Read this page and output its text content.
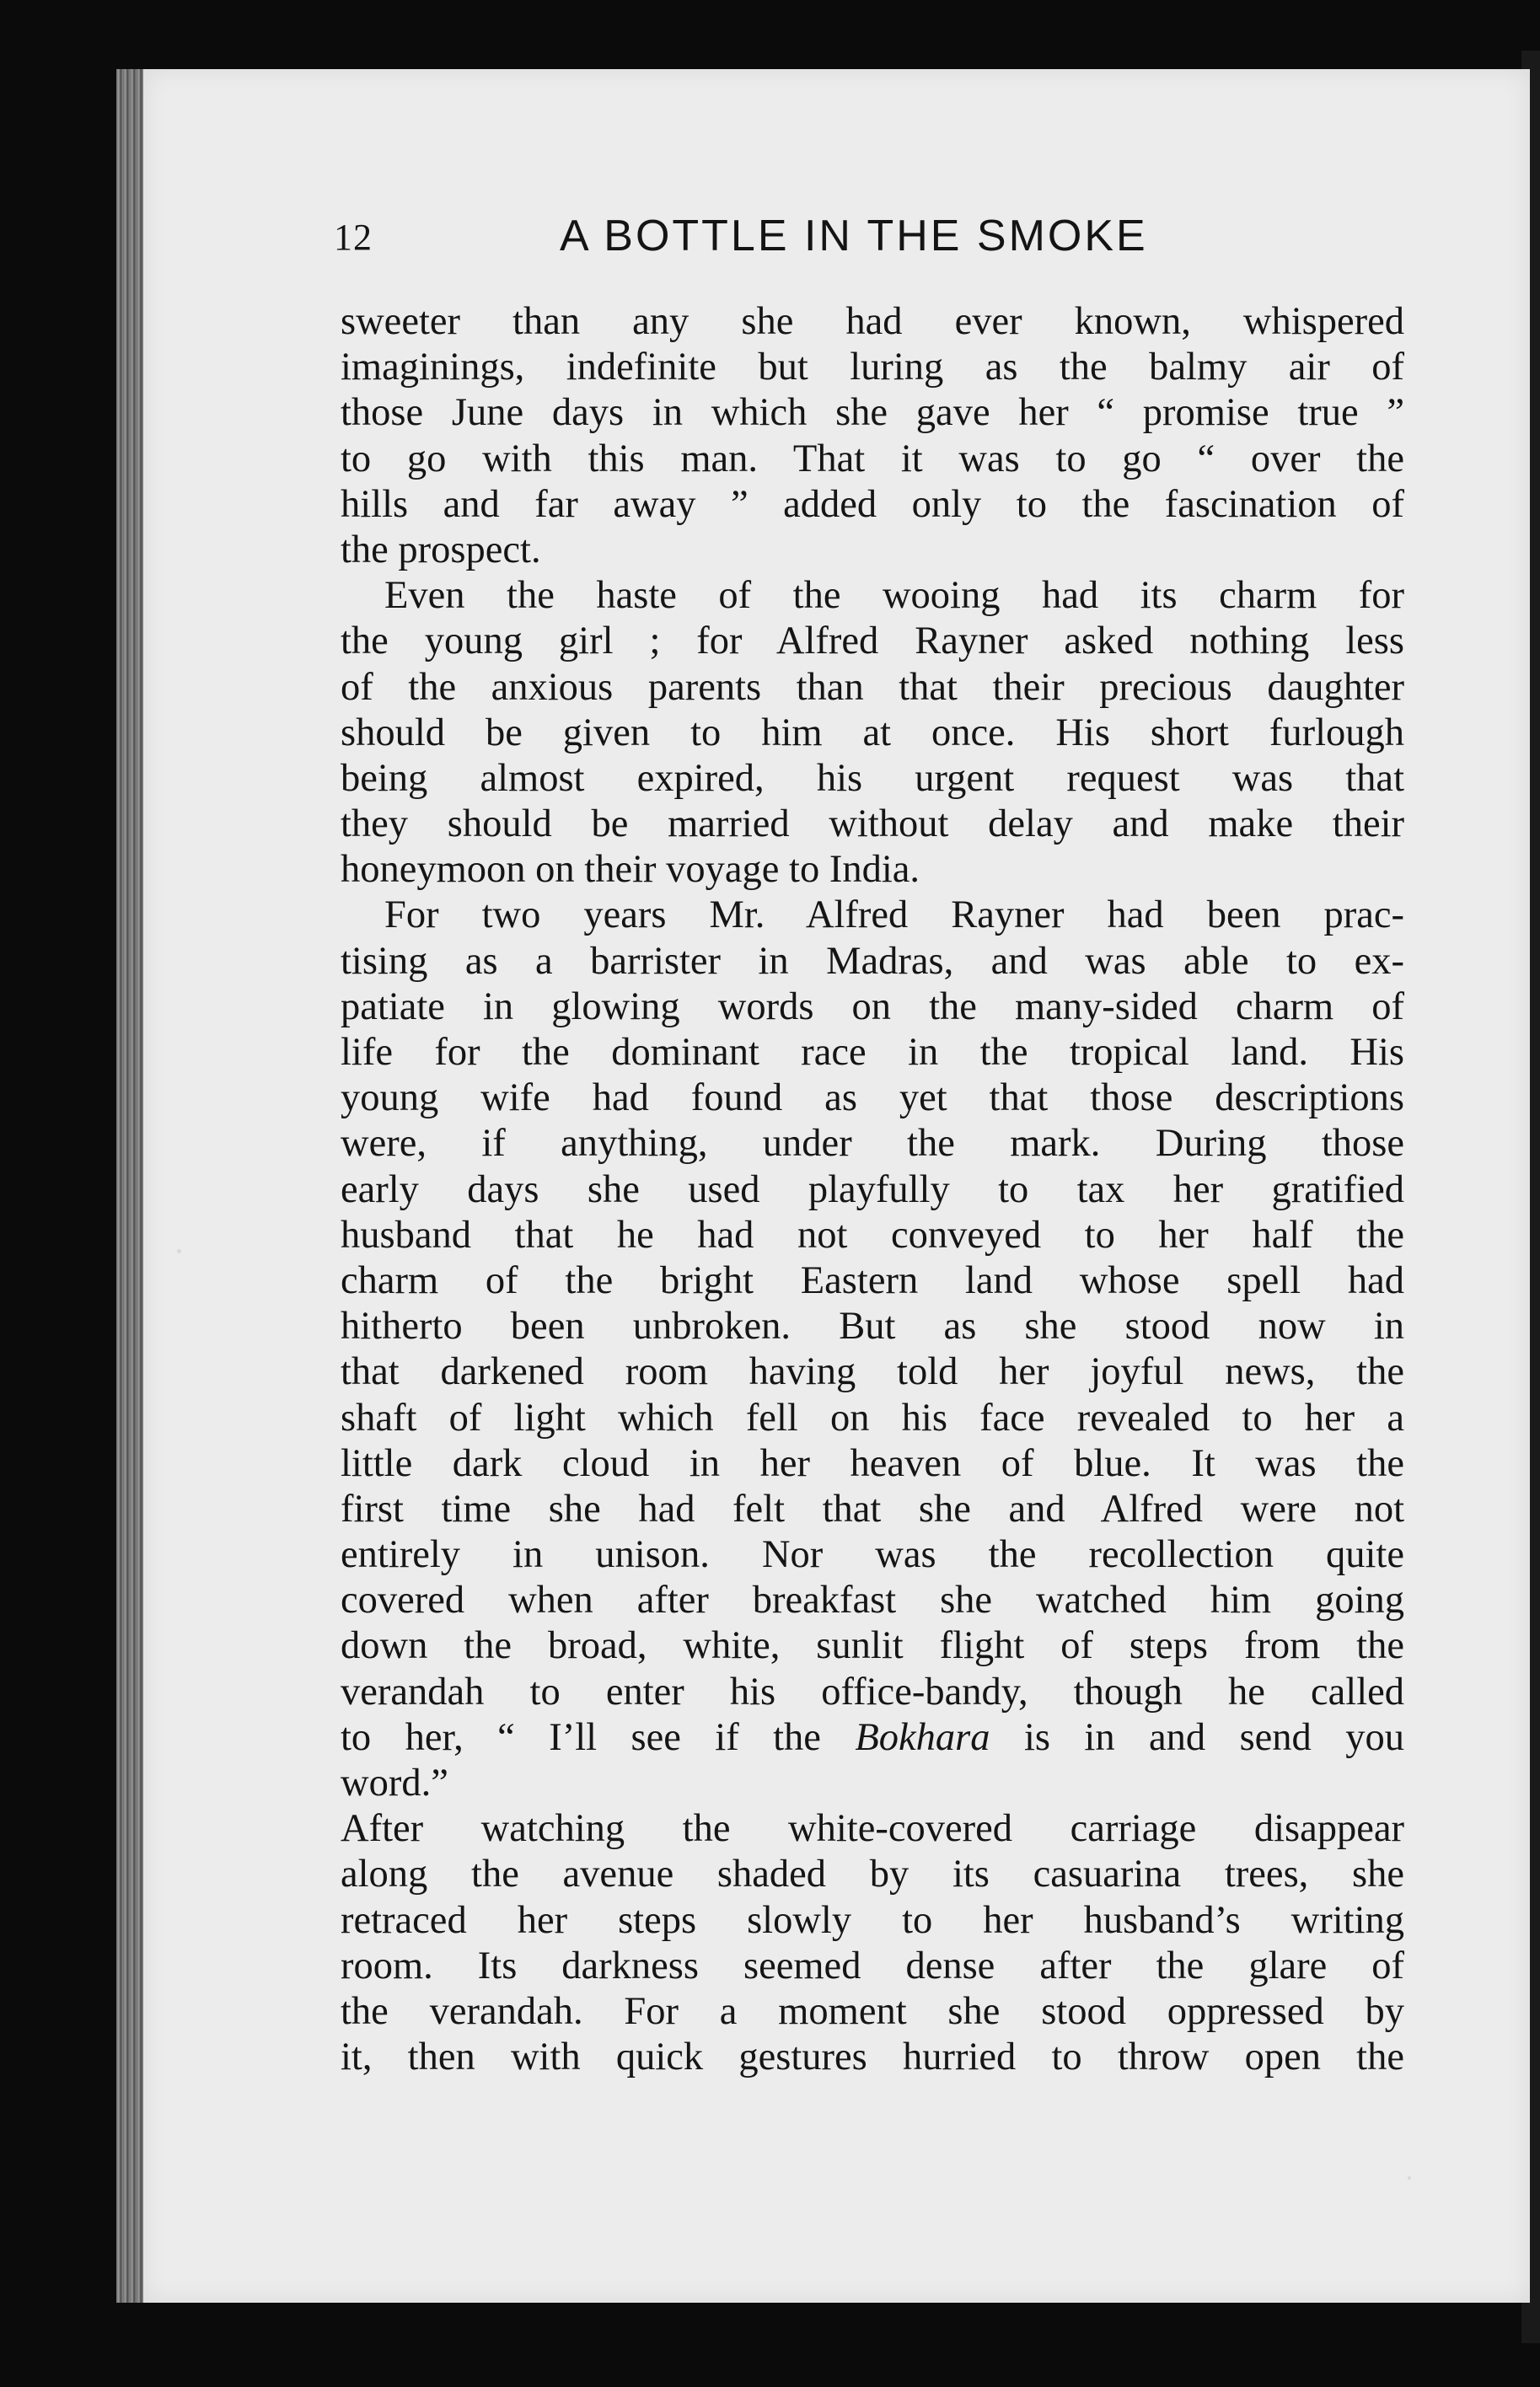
12	A BOTTLE IN THE SMOKE
sweeter than any she had ever known, whispered
imaginings, indefinite but luring as the balmy air of
those June days in which she gave her “ promise true ”
to go with this man. That it was to go “ over the
hills and far away ” added only to the fascination of
the prospect.
Even the haste of the wooing had its charm for
the young girl ; for Alfred Rayner asked nothing less
of the anxious parents than that their precious daughter
should be given to him at once. His short furlough
being almost expired, his urgent request was that
they should be married without delay and make their
honeymoon on their voyage to India.
For two years Mr. Alfred Rayner had been prac-
tising as a barrister in Madras, and was able to ex-
patiate in glowing words on the many-sided charm of
life for the dominant race in the tropical land. His
young wife had found as yet that those descriptions
were, if anything, under the mark. During those
early days she used playfully to tax her gratified
husband that he had not conveyed to her half the
charm of the bright Eastern land whose spell had
hitherto been unbroken. But as she stood now in
that darkened room having told her joyful news, the
shaft of light which fell on his face revealed to her a
little dark cloud in her heaven of blue. It was the
first time she had felt that she and Alfred were not
entirely in unison. Nor was the recollection quite
covered when after breakfast she watched him going
down the broad, white, sunlit flight of steps from the
verandah to enter his office-bandy, though he called
to her, “ I’ll see if the Bokhara is in and send you
word.”
After watching the white-covered carriage disappear
along the avenue shaded by its casuarina trees, she
retraced her steps slowly to her husband’s writing
room. Its darkness seemed dense after the glare of
the verandah. For a moment she stood oppressed by
it, then with quick gestures hurried to throw open the
